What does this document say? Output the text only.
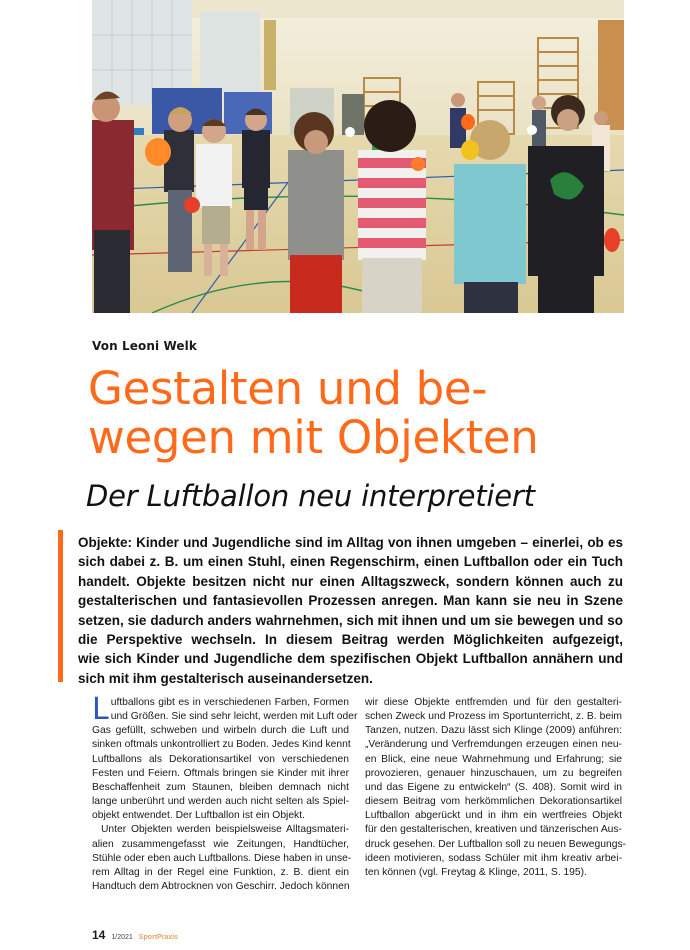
Von Leoni Welk
Gestalten und be-
wegen mit Objekten
Der Luftballon neu interpretiert

Objekte: Kinder und Jugendliche sind im Alltag von ihnen umgeben – einerlei, ob es
sich dabei z. B. um einen Stuhl, einen Regenschirm, einen Luftballon oder ein Tuch
handelt. Objekte besitzen nicht nur einen Alltagszweck, sondern können auch zu
gestalterischen und fantasievollen Prozessen anregen. Man kann sie neu in Szene
setzen, sie dadurch anders wahrnehmen, sich mit ihnen und um sie bewegen und so
die Perspektive wechseln. In diesem Beitrag werden Möglichkeiten aufgezeigt,
wie sich Kinder und Jugendliche dem spezifischen Objekt Luftballon annähern und
sich mit ihm gestalterisch auseinandersetzen.

L uftballons gibt es in verschiedenen Farben, Formen
und Größen. Sie sind sehr leicht, werden mit Luft oder
Gas gefüllt, schweben und wirbeln durch die Luft und
sinken oftmals unkontrolliert zu Boden. Jedes Kind kennt
Luftballons als Dekorationsartikel von verschiedenen
Festen und Feiern. Oftmals bringen sie Kinder mit ihrer
Beschaffenheit zum Staunen, bleiben demnach nicht
lange unberührt und werden auch nicht selten als Spiel-
objekt entwendet. Der Luftballon ist ein Objekt.
Unter Objekten werden beispielsweise Alltagsmateri-
alien zusammengefasst wie Zeitungen, Handtücher,
Stühle oder eben auch Luftballons. Diese haben in unse-
rem Alltag in der Regel eine Funktion, z. B. dient ein
Handtuch dem Abtrocknen von Geschirr. Jedoch können
wir diese Objekte entfremden und für den gestalteri-
schen Zweck und Prozess im Sportunterricht, z. B. beim
Tanzen, nutzen. Dazu lässt sich Klinge (2009) anführen:
„Veränderung und Verfremdungen erzeugen einen neu-
en Blick, eine neue Wahrnehmung und Erfahrung; sie
provozieren, genauer hinzuschauen, um zu begreifen
und das Eigene zu entwickeln“ (S. 408). Somit wird in
diesem Beitrag vom herkömmlichen Dekorationsartikel
Luftballon abgerückt und in ihm ein wertfreies Objekt
für den gestalterischen, kreativen und tänzerischen Aus-
druck gesehen. Der Luftballon soll zu neuen Bewegungs-
ideen motivieren, sodass Schüler mit ihm kreativ arbei-
ten können (vgl. Freytag & Klinge, 2011, S. 195).
14 1/2021 SportPraxis
